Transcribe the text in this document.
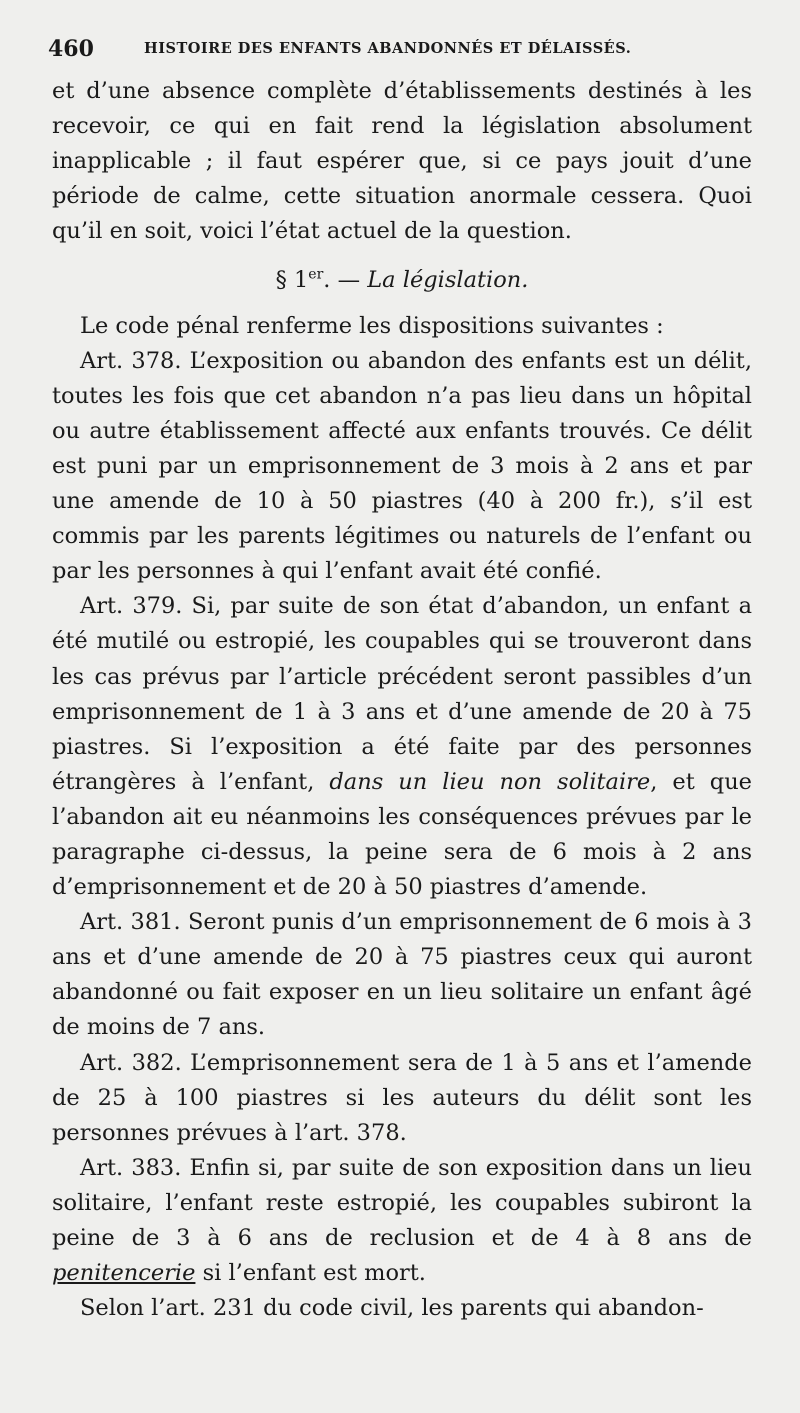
460	HISTOIRE DES ENFANTS ABANDONNÉS ET DÉLAISSÉS.

et d’une absence complète d’établissements destinés à les recevoir, ce qui en fait rend la législation absolument inapplicable ; il faut espérer que, si ce pays jouit d’une période de calme, cette situation anormale cessera. Quoi qu’il en soit, voici l’état actuel de la question.

§ 1er. — La législation.

Le code pénal renferme les dispositions suivantes :

Art. 378. L’exposition ou abandon des enfants est un délit, toutes les fois que cet abandon n’a pas lieu dans un hôpital ou autre établissement affecté aux enfants trouvés. Ce délit est puni par un emprisonnement de 3 mois à 2 ans et par une amende de 10 à 50 piastres (40 à 200 fr.), s’il est commis par les parents légitimes ou naturels de l’enfant ou par les personnes à qui l’enfant avait été confié.

Art. 379. Si, par suite de son état d’abandon, un enfant a été mutilé ou estropié, les coupables qui se trouveront dans les cas prévus par l’article précédent seront passibles d’un emprisonnement de 1 à 3 ans et d’une amende de 20 à 75 piastres. Si l’exposition a été faite par des personnes étrangères à l’enfant, dans un lieu non solitaire, et que l’abandon ait eu néanmoins les conséquences prévues par le paragraphe ci-dessus, la peine sera de 6 mois à 2 ans d’emprisonnement et de 20 à 50 piastres d’amende.

Art. 381. Seront punis d’un emprisonnement de 6 mois à 3 ans et d’une amende de 20 à 75 piastres ceux qui auront abandonné ou fait exposer en un lieu solitaire un enfant âgé de moins de 7 ans.

Art. 382. L’emprisonnement sera de 1 à 5 ans et l’amende de 25 à 100 piastres si les auteurs du délit sont les personnes prévues à l’art. 378.

Art. 383. Enfin si, par suite de son exposition dans un lieu solitaire, l’enfant reste estropié, les coupables subiront la peine de 3 à 6 ans de reclusion et de 4 à 8 ans de penitencerie si l’enfant est mort.

Selon l’art. 231 du code civil, les parents qui abandon-
